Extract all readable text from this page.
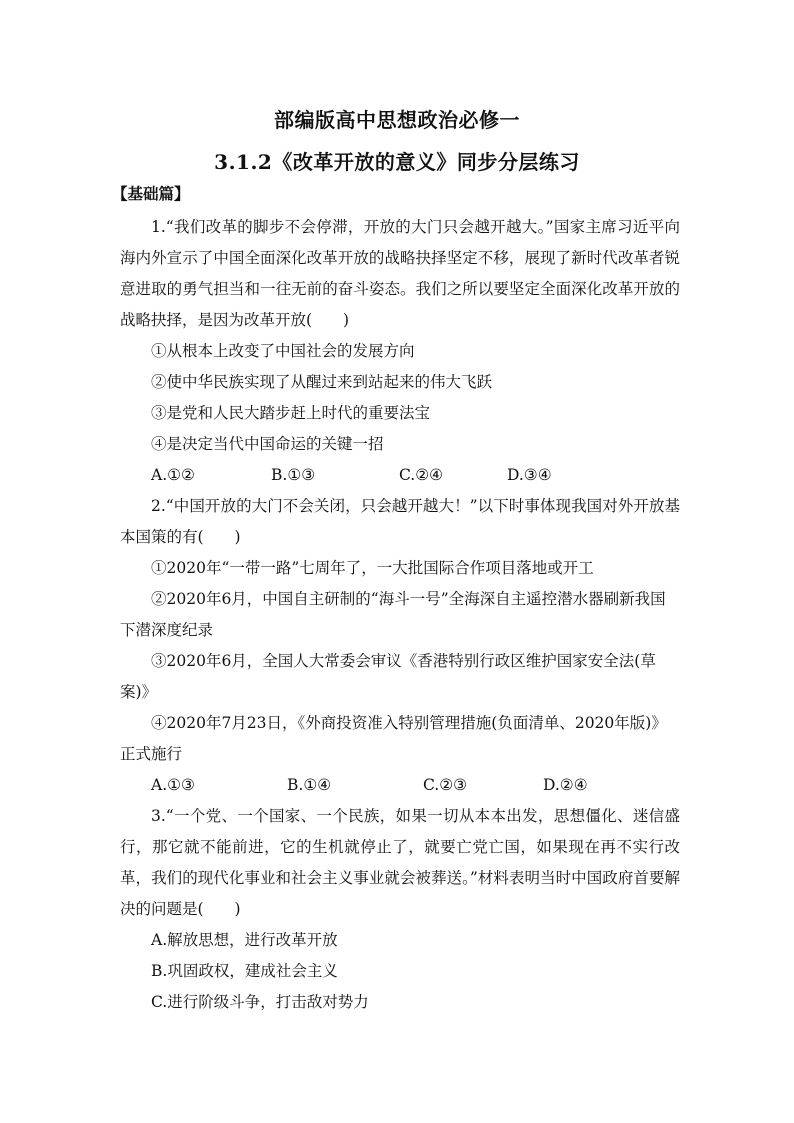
部编版高中思想政治必修一
3.1.2《改革开放的意义》同步分层练习
【基础篇】

1.“我们改革的脚步不会停滞，开放的大门只会越开越大。”国家主席习近平向海内外宣示了中国全面深化改革开放的战略抉择坚定不移，展现了新时代改革者锐意进取的勇气担当和一往无前的奋斗姿态。我们之所以要坚定全面深化改革开放的战略抉择，是因为改革开放(　　)

①从根本上改变了中国社会的发展方向

②使中华民族实现了从醒过来到站起来的伟大飞跃

③是党和人民大踏步赶上时代的重要法宝

④是决定当代中国命运的关键一招

A.①②	B.①③	C.②④	D.③④

2.“中国开放的大门不会关闭，只会越开越大！”以下时事体现我国对外开放基本国策的有(　　)

①2020年“一带一路”七周年了，一大批国际合作项目落地或开工

②2020年6月，中国自主研制的“海斗一号”全海深自主遥控潜水器刷新我国下潜深度纪录

③2020年6月，全国人大常委会审议《香港特别行政区维护国家安全法(草案)》

④2020年7月23日，《外商投资准入特别管理措施(负面清单、2020年版)》正式施行

A.①③	B.①④	C.②③	D.②④

3.“一个党、一个国家、一个民族，如果一切从本本出发，思想僵化、迷信盛行，那它就不能前进，它的生机就停止了，就要亡党亡国，如果现在再不实行改革，我们的现代化事业和社会主义事业就会被葬送。”材料表明当时中国政府首要解决的问题是(　　)

A.解放思想，进行改革开放

B.巩固政权，建成社会主义

C.进行阶级斗争，打击敌对势力
